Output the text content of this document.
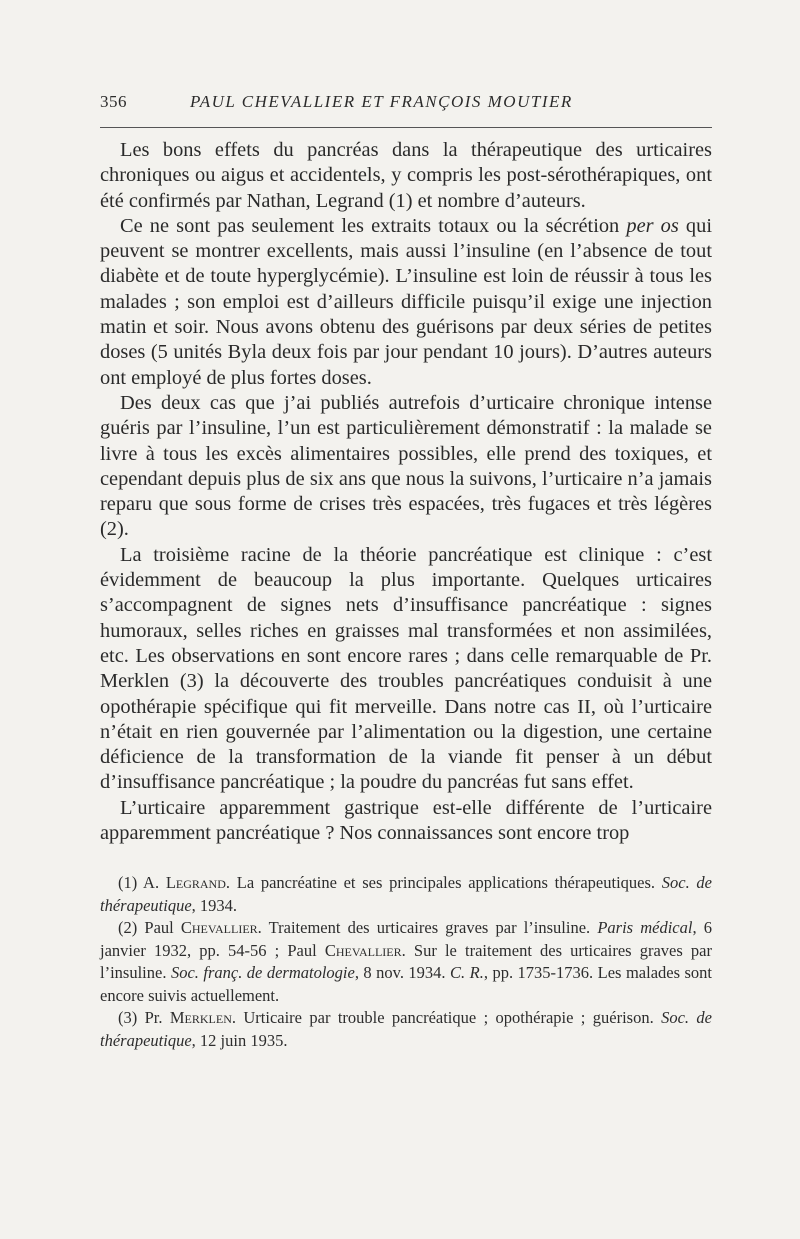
356	PAUL CHEVALLIER ET FRANÇOIS MOUTIER

Les bons effets du pancréas dans la thérapeutique des urticaires chroniques ou aigus et accidentels, y compris les post-sérothérapiques, ont été confirmés par Nathan, Legrand (1) et nombre d’auteurs.

Ce ne sont pas seulement les extraits totaux ou la sécrétion per os qui peuvent se montrer excellents, mais aussi l’insuline (en l’absence de tout diabète et de toute hyperglycémie). L’insuline est loin de réussir à tous les malades ; son emploi est d’ailleurs difficile puisqu’il exige une injection matin et soir. Nous avons obtenu des guérisons par deux séries de petites doses (5 unités Byla deux fois par jour pendant 10 jours). D’autres auteurs ont employé de plus fortes doses.

Des deux cas que j’ai publiés autrefois d’urticaire chronique intense guéris par l’insuline, l’un est particulièrement démonstratif : la malade se livre à tous les excès alimentaires possibles, elle prend des toxiques, et cependant depuis plus de six ans que nous la suivons, l’urticaire n’a jamais reparu que sous forme de crises très espacées, très fugaces et très légères (2).

La troisième racine de la théorie pancréatique est clinique : c’est évidemment de beaucoup la plus importante. Quelques urticaires s’accompagnent de signes nets d’insuffisance pancréatique : signes humoraux, selles riches en graisses mal transformées et non assimilées, etc. Les observations en sont encore rares ; dans celle remarquable de Pr. Merklen (3) la découverte des troubles pancréatiques conduisit à une opothérapie spécifique qui fit merveille. Dans notre cas II, où l’urticaire n’était en rien gouvernée par l’alimentation ou la digestion, une certaine déficience de la transformation de la viande fit penser à un début d’insuffisance pancréatique ; la poudre du pancréas fut sans effet.

L’urticaire apparemment gastrique est-elle différente de l’urticaire apparemment pancréatique ? Nos connaissances sont encore trop

(1) A. Legrand. La pancréatine et ses principales applications thérapeutiques. Soc. de thérapeutique, 1934.

(2) Paul Chevallier. Traitement des urticaires graves par l’insuline. Paris médical, 6 janvier 1932, pp. 54-56 ; Paul Chevallier. Sur le traitement des urticaires graves par l’insuline. Soc. franç. de dermatologie, 8 nov. 1934. C. R., pp. 1735-1736. Les malades sont encore suivis actuellement.

(3) Pr. Merklen. Urticaire par trouble pancréatique ; opothérapie ; guérison. Soc. de thérapeutique, 12 juin 1935.
